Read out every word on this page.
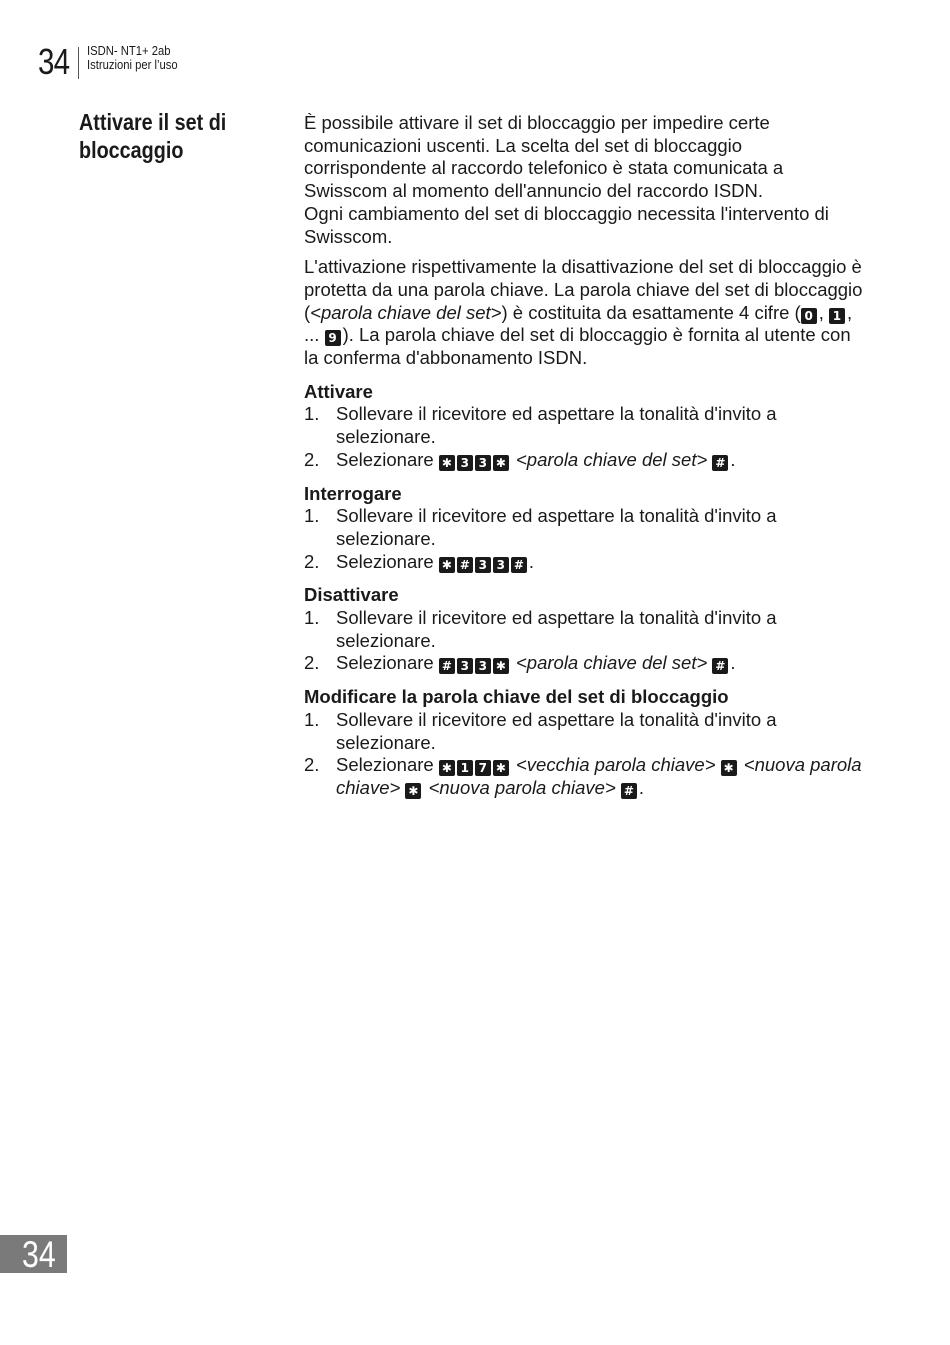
34 ISDN- NT1+ 2ab
Istruzioni per l’uso
Attivare il set di bloccaggio

È possibile attivare il set di bloccaggio per impedire certe comunicazioni uscenti. La scelta del set di bloccaggio corrispondente al raccordo telefonico è stata comunicata a Swisscom al momento dell'annuncio del raccordo ISDN.

Ogni cambiamento del set di bloccaggio necessita l'intervento di Swisscom.

L'attivazione rispettivamente la disattivazione del set di bloccaggio è protetta da una parola chiave. La parola chiave del set di bloccaggio (<parola chiave del set>) è costituita da esattamente 4 cifre ( 0 , 1 , ... 9 ). La parola chiave del set di bloccaggio è fornita al utente con la conferma d'abbonamento ISDN.

Attivare
1. Sollevare il ricevitore ed aspettare la tonalità d'invito a selezionare.
2. Selezionare ✱ 3 3 ✱ <parola chiave del set> # .
Interrogare
1. Sollevare il ricevitore ed aspettare la tonalità d'invito a selezionare.
2. Selezionare ✱ # 3 3 # .
Disattivare
1. Sollevare il ricevitore ed aspettare la tonalità d'invito a selezionare.
2. Selezionare # 3 3 ✱ <parola chiave del set> # .
Modificare la parola chiave del set di bloccaggio
1. Sollevare il ricevitore ed aspettare la tonalità d'invito a selezionare.
2. Selezionare ✱ 1 7 ✱ <vecchia parola chiave> ✱ <nuova parola chiave> ✱ <nuova parola chiave> # .
34
